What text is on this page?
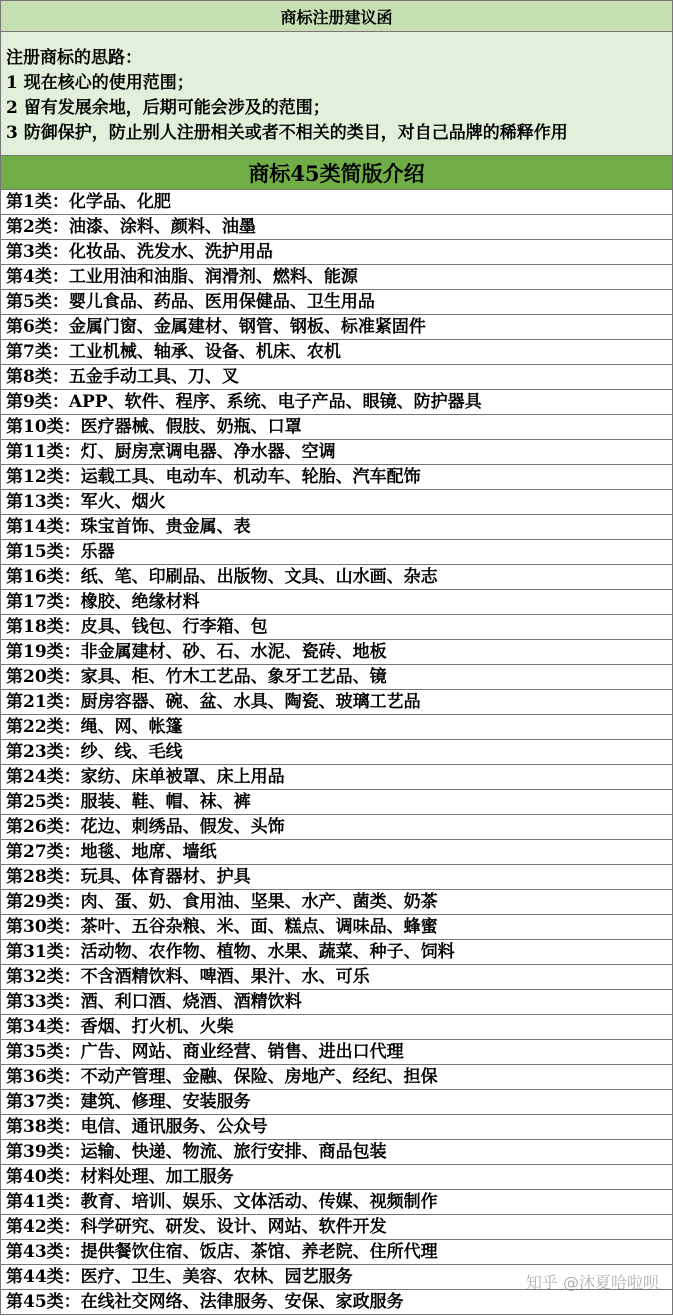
商标注册建议函
注册商标的思路：
1 现在核心的使用范围；
2 留有发展余地，后期可能会涉及的范围；
3 防御保护，防止别人注册相关或者不相关的类目，对自己品牌的稀释作用
商标45类简版介绍
第1类：化学品、化肥
第2类：油漆、涂料、颜料、油墨
第3类：化妆品、洗发水、洗护用品
第4类：工业用油和油脂、润滑剂、燃料、能源
第5类：婴儿食品、药品、医用保健品、卫生用品
第6类：金属门窗、金属建材、钢管、钢板、标准紧固件
第7类：工业机械、轴承、设备、机床、农机
第8类：五金手动工具、刀、叉
第9类：APP、软件、程序、系统、电子产品、眼镜、防护器具
第10类：医疗器械、假肢、奶瓶、口罩
第11类：灯、厨房烹调电器、净水器、空调
第12类：运载工具、电动车、机动车、轮胎、汽车配饰
第13类：军火、烟火
第14类：珠宝首饰、贵金属、表
第15类：乐器
第16类：纸、笔、印刷品、出版物、文具、山水画、杂志
第17类：橡胶、绝缘材料
第18类：皮具、钱包、行李箱、包
第19类：非金属建材、砂、石、水泥、瓷砖、地板
第20类：家具、柜、竹木工艺品、象牙工艺品、镜
第21类：厨房容器、碗、盆、水具、陶瓷、玻璃工艺品
第22类：绳、网、帐篷
第23类：纱、线、毛线
第24类：家纺、床单被罩、床上用品
第25类：服装、鞋、帽、袜、裤
第26类：花边、刺绣品、假发、头饰
第27类：地毯、地席、墙纸
第28类：玩具、体育器材、护具
第29类：肉、蛋、奶、食用油、坚果、水产、菌类、奶茶
第30类：茶叶、五谷杂粮、米、面、糕点、调味品、蜂蜜
第31类：活动物、农作物、植物、水果、蔬菜、种子、饲料
第32类：不含酒精饮料、啤酒、果汁、水、可乐
第33类：酒、利口酒、烧酒、酒精饮料
第34类：香烟、打火机、火柴
第35类：广告、网站、商业经营、销售、进出口代理
第36类：不动产管理、金融、保险、房地产、经纪、担保
第37类：建筑、修理、安装服务
第38类：电信、通讯服务、公众号
第39类：运输、快递、物流、旅行安排、商品包装
第40类：材料处理、加工服务
第41类：教育、培训、娱乐、文体活动、传媒、视频制作
第42类：科学研究、研发、设计、网站、软件开发
第43类：提供餐饮住宿、饭店、茶馆、养老院、住所代理
第44类：医疗、卫生、美容、农林、园艺服务
第45类：在线社交网络、法律服务、安保、家政服务
知乎 @沐夏哈啦呗
